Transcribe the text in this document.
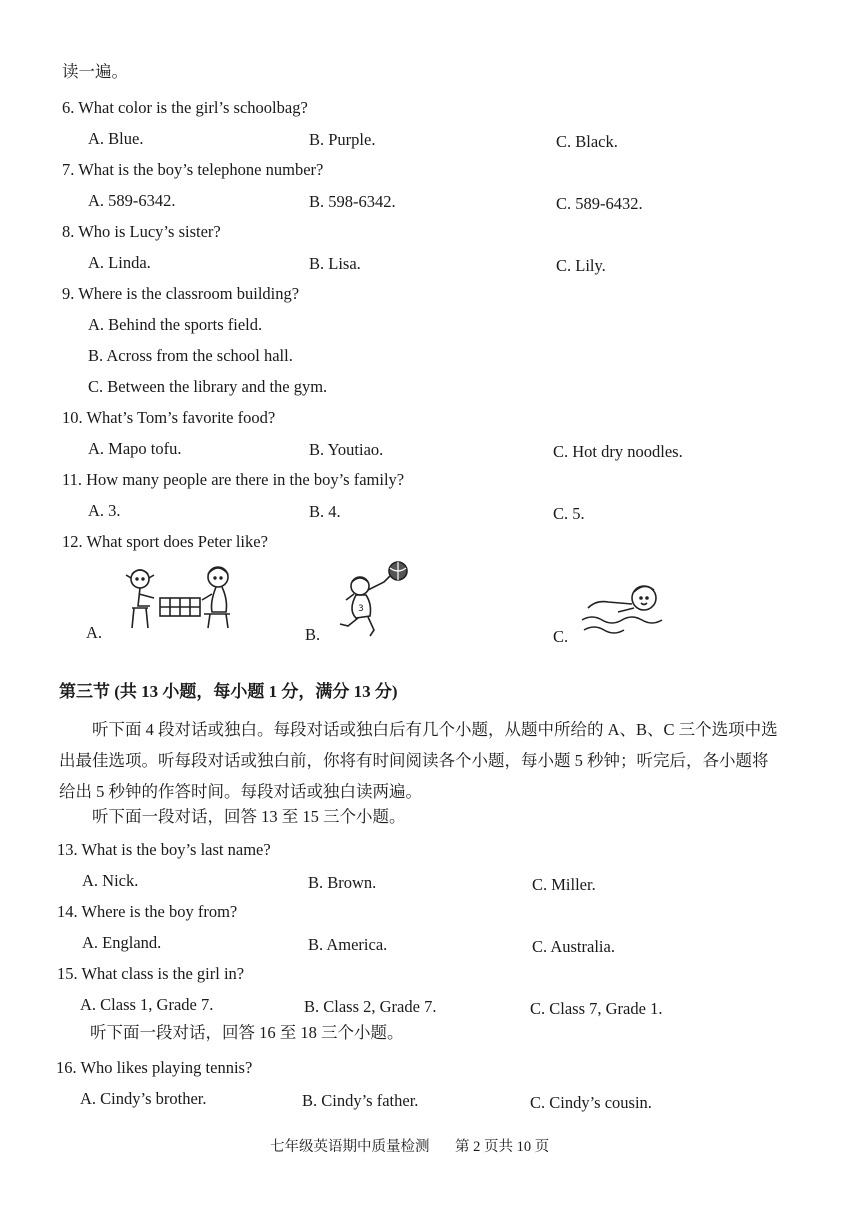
读一遍。
6. What color is the girl’s schoolbag?
A. Blue.	B. Purple.	C. Black.
7. What is the boy’s telephone number?
A. 589-6342.	B. 598-6342.	C. 589-6432.
8. Who is Lucy’s sister?
A. Linda.	B. Lisa.	C. Lily.
9. Where is the classroom building?
A. Behind the sports field.
B. Across from the school hall.
C. Between the library and the gym.
10. What’s Tom’s favorite food?
A. Mapo tofu.	B. Youtiao.	C. Hot dry noodles.
11. How many people are there in the boy’s family?
A. 3.	B. 4.	C. 5.
12. What sport does Peter like?
A.	B.	C.
3
第三节 (共 13 小题，每小题 1 分，满分 13 分)
听下面 4 段对话或独白。每段对话或独白后有几个小题，从题中所给的 A、B、C 三个选项中选出最佳选项。听每段对话或独白前，你将有时间阅读各个小题，每小题 5 秒钟；听完后，各小题将给出 5 秒钟的作答时间。每段对话或独白读两遍。
听下面一段对话，回答 13 至 15 三个小题。
13. What is the boy’s last name?
A. Nick.	B. Brown.	C. Miller.
14. Where is the boy from?
A. England.	B. America.	C. Australia.
15. What class is the girl in?
A. Class 1, Grade 7.	B. Class 2, Grade 7.	C. Class 7, Grade 1.
听下面一段对话，回答 16 至 18 三个小题。
16. Who likes playing tennis?
A. Cindy’s brother.	B. Cindy’s father.	C. Cindy’s cousin.
七年级英语期中质量检测 第 2 页共 10 页
